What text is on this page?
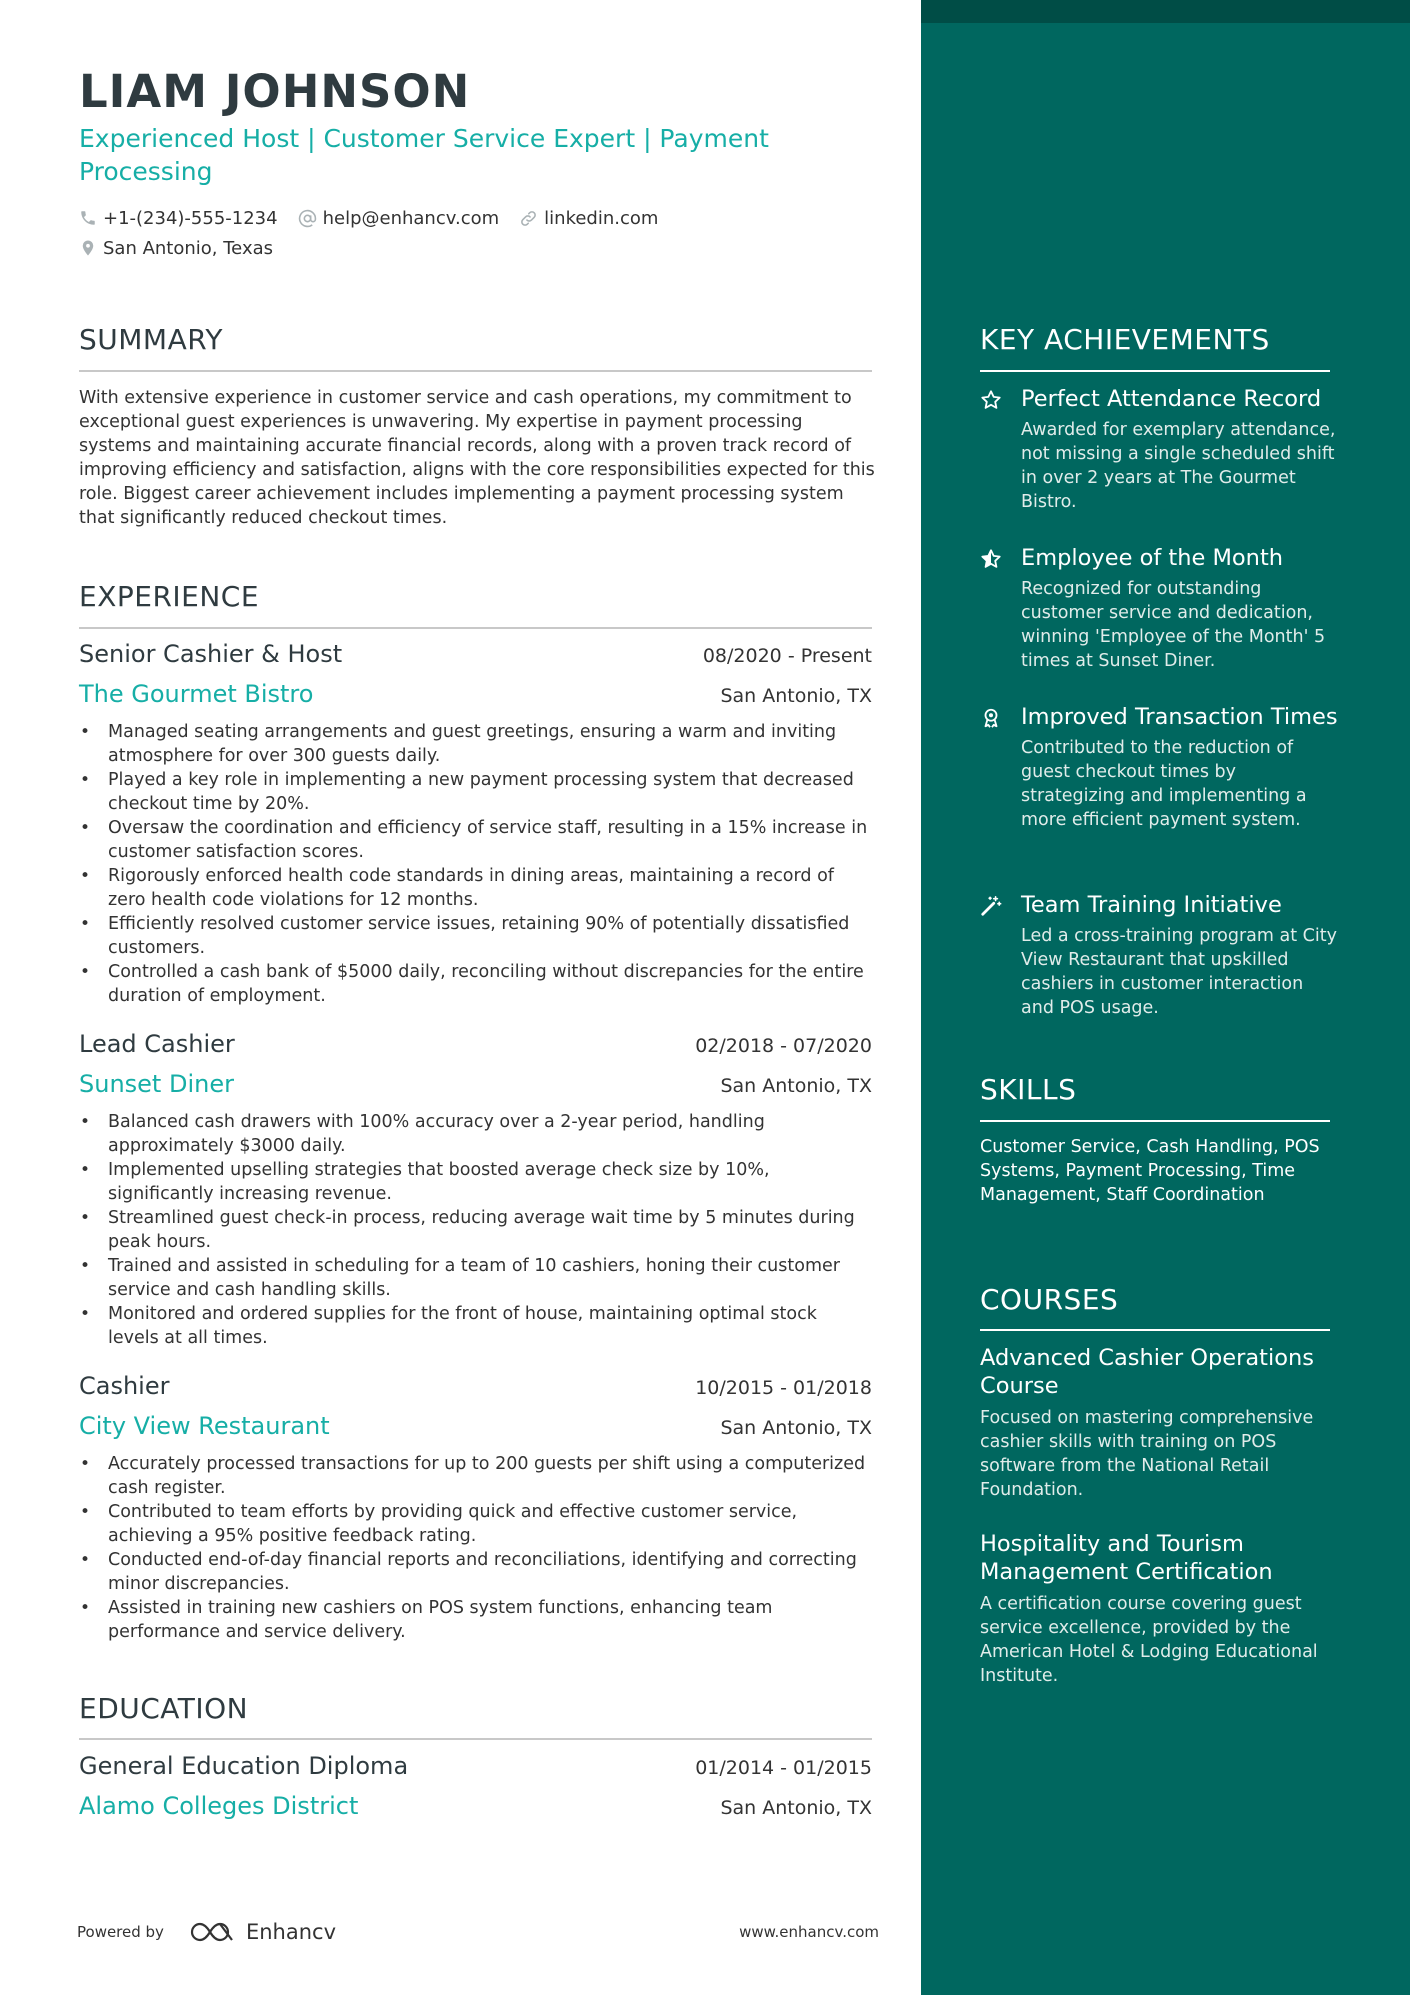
LIAM JOHNSON
Experienced Host | Customer Service Expert | Payment Processing
+1-(234)-555-1234	help@enhancv.com	linkedin.com
San Antonio, Texas
SUMMARY

With extensive experience in customer service and cash operations, my commitment to exceptional guest experiences is unwavering. My expertise in payment processing systems and maintaining accurate financial records, along with a proven track record of improving efficiency and satisfaction, aligns with the core responsibilities expected for this role. Biggest career achievement includes implementing a payment processing system that significantly reduced checkout times.

EXPERIENCE
Senior Cashier & Host	08/2020 - Present
The Gourmet Bistro	San Antonio, TX
• Managed seating arrangements and guest greetings, ensuring a warm and inviting atmosphere for over 300 guests daily.
• Played a key role in implementing a new payment processing system that decreased checkout time by 20%.
• Oversaw the coordination and efficiency of service staff, resulting in a 15% increase in customer satisfaction scores.
• Rigorously enforced health code standards in dining areas, maintaining a record of zero health code violations for 12 months.
• Efficiently resolved customer service issues, retaining 90% of potentially dissatisfied customers.
• Controlled a cash bank of $5000 daily, reconciling without discrepancies for the entire duration of employment.
Lead Cashier	02/2018 - 07/2020
Sunset Diner	San Antonio, TX
• Balanced cash drawers with 100% accuracy over a 2-year period, handling approximately $3000 daily.
• Implemented upselling strategies that boosted average check size by 10%, significantly increasing revenue.
• Streamlined guest check-in process, reducing average wait time by 5 minutes during peak hours.
• Trained and assisted in scheduling for a team of 10 cashiers, honing their customer service and cash handling skills.
• Monitored and ordered supplies for the front of house, maintaining optimal stock levels at all times.
Cashier	10/2015 - 01/2018
City View Restaurant	San Antonio, TX
• Accurately processed transactions for up to 200 guests per shift using a computerized cash register.
• Contributed to team efforts by providing quick and effective customer service, achieving a 95% positive feedback rating.
• Conducted end-of-day financial reports and reconciliations, identifying and correcting minor discrepancies.
• Assisted in training new cashiers on POS system functions, enhancing team performance and service delivery.
EDUCATION
General Education Diploma	01/2014 - 01/2015
Alamo Colleges District	San Antonio, TX
Powered by	Enhancv	www.enhancv.com
KEY ACHIEVEMENTS

Perfect Attendance Record

Awarded for exemplary attendance, not missing a single scheduled shift in over 2 years at The Gourmet Bistro.

Employee of the Month

Recognized for outstanding customer service and dedication, winning 'Employee of the Month' 5 times at Sunset Diner.

Improved Transaction Times

Contributed to the reduction of guest checkout times by strategizing and implementing a more efficient payment system.

Team Training Initiative

Led a cross-training program at City View Restaurant that upskilled cashiers in customer interaction and POS usage.

SKILLS

Customer Service, Cash Handling, POS Systems, Payment Processing, Time Management, Staff Coordination

COURSES

Advanced Cashier Operations Course

Focused on mastering comprehensive cashier skills with training on POS software from the National Retail Foundation.

Hospitality and Tourism Management Certification

A certification course covering guest service excellence, provided by the American Hotel & Lodging Educational Institute.
